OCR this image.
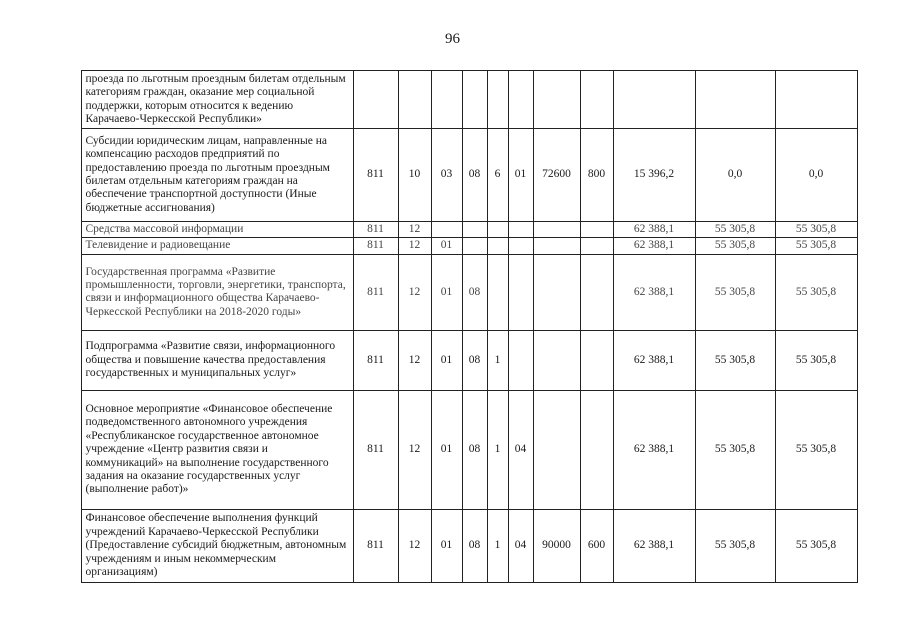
96
	проезда по льготным проездным билетам отдельным категориям граждан, оказание мер социальной поддержки, которым относится к ведению Карачаево-Черкесской Республики»											
	Субсидии юридическим лицам, направленные на компенсацию расходов предприятий по предоставлению проезда по льготным проездным билетам отдельным категориям граждан на обеспечение транспортной доступности (Иные бюджетные ассигнования)	811	10	03	08	6	01	72600	800	15 396,2	0,0	0,0
	Средства массовой информации	811	12							62 388,1	55 305,8	55 305,8
	Телевидение и радиовещание	811	12	01						62 388,1	55 305,8	55 305,8
	Государственная программа «Развитие промышленности, торговли, энергетики, транспорта, связи и информационного общества Карачаево-Черкесской Республики на 2018-2020 годы»	811	12	01	08					62 388,1	55 305,8	55 305,8
	Подпрограмма «Развитие связи, информационного общества и повышение качества предоставления государственных и муниципальных услуг»	811	12	01	08	1				62 388,1	55 305,8	55 305,8
	Основное мероприятие «Финансовое обеспечение подведомственного автономного учреждения «Республиканское государственное автономное учреждение «Центр развития связи и коммуникаций» на выполнение государственного задания на оказание государственных услуг (выполнение работ)»	811	12	01	08	1	04			62 388,1	55 305,8	55 305,8
	Финансовое обеспечение выполнения функций учреждений Карачаево-Черкесской Республики (Предоставление субсидий бюджетным, автономным учреждениям и иным некоммерческим организациям)	811	12	01	08	1	04	90000	600	62 388,1	55 305,8	55 305,8
